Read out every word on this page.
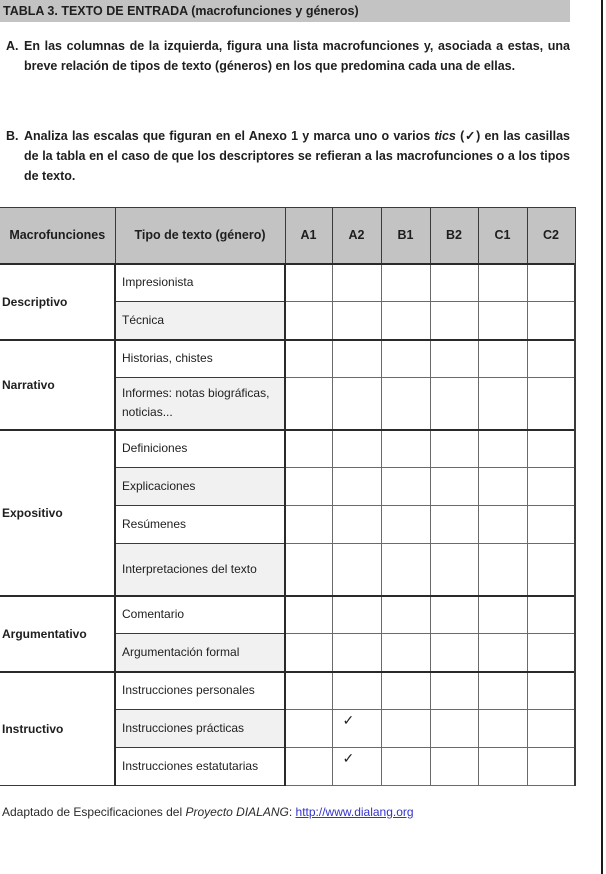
TABLA 3. TEXTO DE ENTRADA (macrofunciones y géneros)
A. En las columnas de la izquierda, figura una lista macrofunciones y, asociada a estas, una breve relación de tipos de texto (géneros) en los que predomina cada una de ellas.
B. Analiza las escalas que figuran en el Anexo 1 y marca uno o varios tics (✓) en las casillas de la tabla en el caso de que los descriptores se refieran a las macrofunciones o a los tipos de texto.
Macrofunciones	Tipo de texto (género)	A1	A2	B1	B2	C1	C2
Descriptivo	Impresionista						
	Técnica						
Narrativo	Historias, chistes						
	Informes: notas biográficas, noticias...						
Expositivo	Definiciones						
	Explicaciones						
	Resúmenes						
	Interpretaciones del texto						
Argumentativo	Comentario						
	Argumentación formal						
Instructivo	Instrucciones personales						
	Instrucciones prácticas		✓				
	Instrucciones estatutarias		✓				
Adaptado de Especificaciones del Proyecto DIALANG: http://www.dialang.org
